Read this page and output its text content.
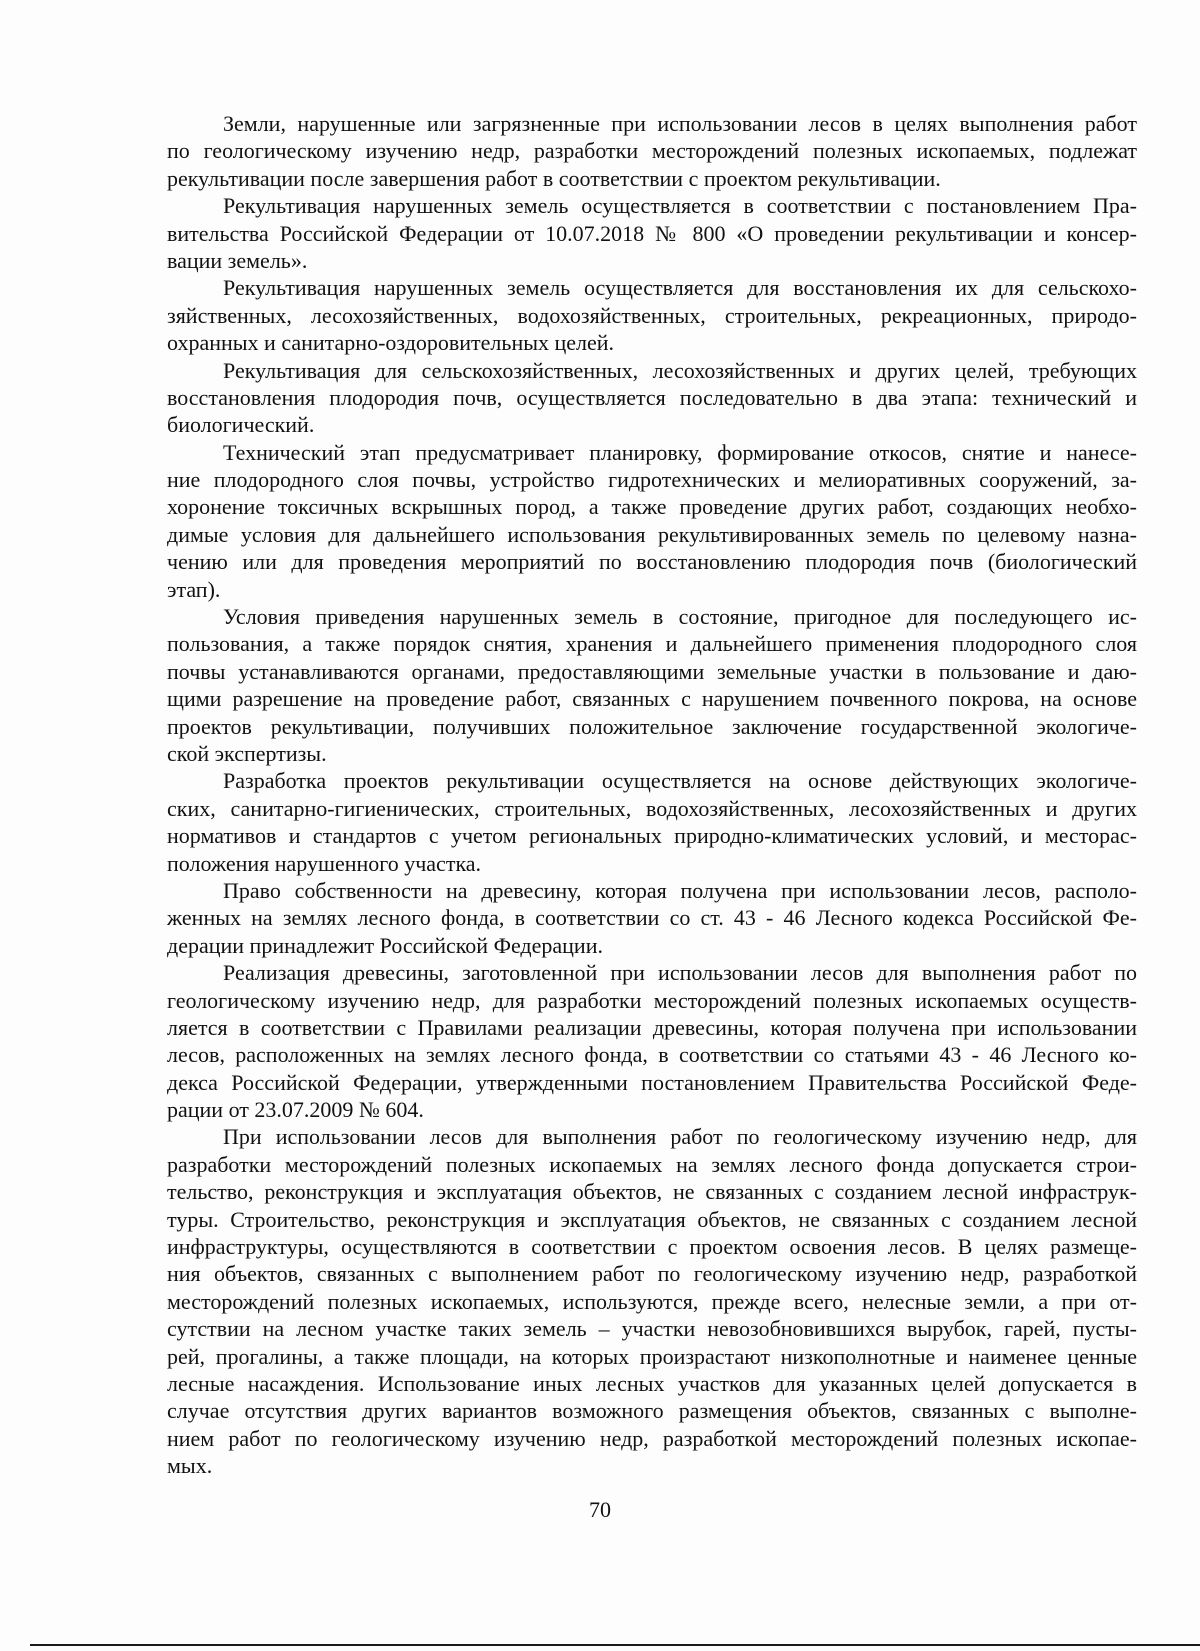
Земли, нарушенные или загрязненные при использовании лесов в целях выполнения работ
по геологическому изучению недр, разработки месторождений полезных ископаемых, подлежат
рекультивации после завершения работ в соответствии с проектом рекультивации.
Рекультивация нарушенных земель осуществляется в соответствии с постановлением Пра-
вительства Российской Федерации от 10.07.2018 № 800 «О проведении рекультивации и консер-
вации земель».
Рекультивация нарушенных земель осуществляется для восстановления их для сельскохо-
зяйственных, лесохозяйственных, водохозяйственных, строительных, рекреационных, природо-
охранных и санитарно-оздоровительных целей.
Рекультивация для сельскохозяйственных, лесохозяйственных и других целей, требующих
восстановления плодородия почв, осуществляется последовательно в два этапа: технический и
биологический.
Технический этап предусматривает планировку, формирование откосов, снятие и нанесе-
ние плодородного слоя почвы, устройство гидротехнических и мелиоративных сооружений, за-
хоронение токсичных вскрышных пород, а также проведение других работ, создающих необхо-
димые условия для дальнейшего использования рекультивированных земель по целевому назна-
чению или для проведения мероприятий по восстановлению плодородия почв (биологический
этап).
Условия приведения нарушенных земель в состояние, пригодное для последующего ис-
пользования, а также порядок снятия, хранения и дальнейшего применения плодородного слоя
почвы устанавливаются органами, предоставляющими земельные участки в пользование и даю-
щими разрешение на проведение работ, связанных с нарушением почвенного покрова, на основе
проектов рекультивации, получивших положительное заключение государственной экологиче-
ской экспертизы.
Разработка проектов рекультивации осуществляется на основе действующих экологиче-
ских, санитарно-гигиенических, строительных, водохозяйственных, лесохозяйственных и других
нормативов и стандартов с учетом региональных природно-климатических условий, и месторас-
положения нарушенного участка.
Право собственности на древесину, которая получена при использовании лесов, располо-
женных на землях лесного фонда, в соответствии со ст. 43 - 46 Лесного кодекса Российской Фе-
дерации принадлежит Российской Федерации.
Реализация древесины, заготовленной при использовании лесов для выполнения работ по
геологическому изучению недр, для разработки месторождений полезных ископаемых осуществ-
ляется в соответствии с Правилами реализации древесины, которая получена при использовании
лесов, расположенных на землях лесного фонда, в соответствии со статьями 43 - 46 Лесного ко-
декса Российской Федерации, утвержденными постановлением Правительства Российской Феде-
рации от 23.07.2009 № 604.
При использовании лесов для выполнения работ по геологическому изучению недр, для
разработки месторождений полезных ископаемых на землях лесного фонда допускается строи-
тельство, реконструкция и эксплуатация объектов, не связанных с созданием лесной инфраструк-
туры. Строительство, реконструкция и эксплуатация объектов, не связанных с созданием лесной
инфраструктуры, осуществляются в соответствии с проектом освоения лесов. В целях размеще-
ния объектов, связанных с выполнением работ по геологическому изучению недр, разработкой
месторождений полезных ископаемых, используются, прежде всего, нелесные земли, а при от-
сутствии на лесном участке таких земель – участки невозобновившихся вырубок, гарей, пусты-
рей, прогалины, а также площади, на которых произрастают низкополнотные и наименее ценные
лесные насаждения. Использование иных лесных участков для указанных целей допускается в
случае отсутствия других вариантов возможного размещения объектов, связанных с выполне-
нием работ по геологическому изучению недр, разработкой месторождений полезных ископае-
мых.
70
